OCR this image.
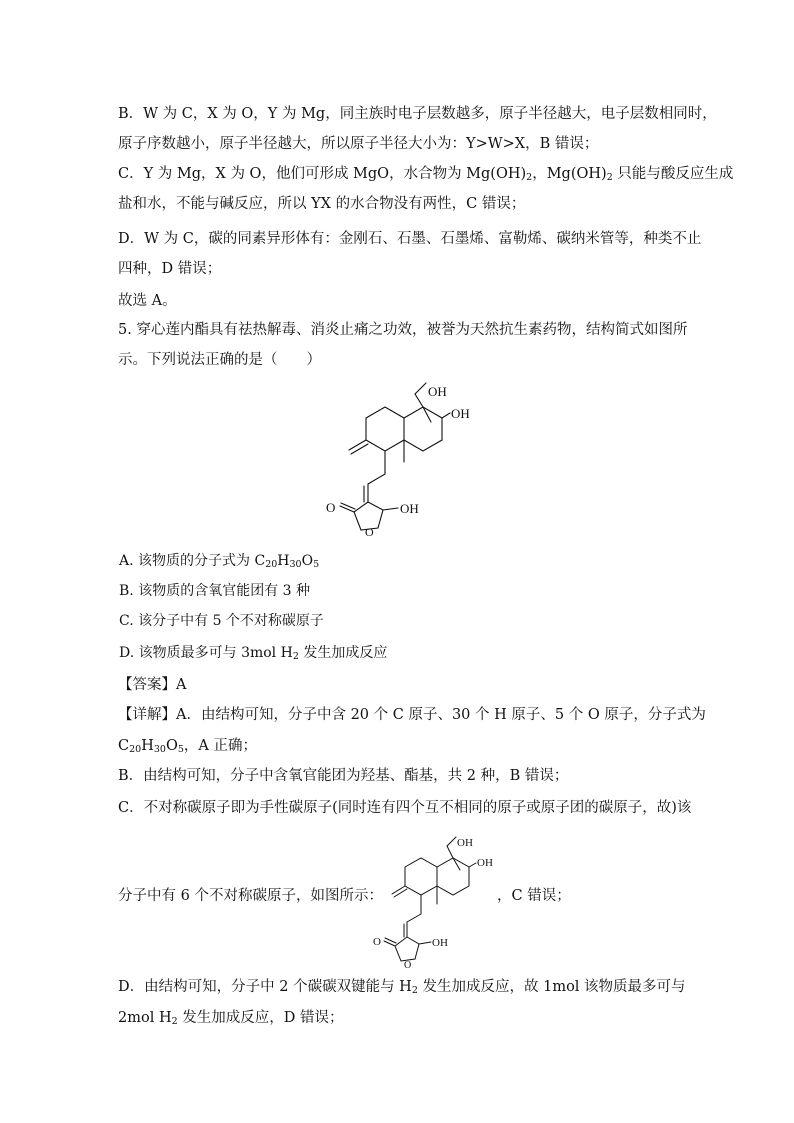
B．W 为 C，X 为 O，Y 为 Mg，同主族时电子层数越多，原子半径越大，电子层数相同时，
原子序数越小，原子半径越大，所以原子半径大小为：Y>W>X，B 错误；
C．Y 为 Mg，X 为 O，他们可形成 MgO，水合物为 $Mg(OH)_2$，$Mg(OH)_2$ 只能与酸反应生成
盐和水，不能与碱反应，所以 YX 的水合物没有两性，C 错误；
D．W 为 C，碳的同素异形体有：金刚石、石墨、石墨烯、富勒烯、碳纳米管等，种类不止
四种，D 错误；
故选 A。
5. 穿心莲内酯具有祛热解毒、消炎止痛之功效，被誉为天然抗生素药物，结构简式如图所
示。下列说法正确的是（　　）
OH
OH
OH
O
O
A. 该物质的分子式为 $C_{20}H_{30}O_5$
B. 该物质的含氧官能团有 3 种
C. 该分子中有 5 个不对称碳原子
D. 该物质最多可与 3mol $H_2$ 发生加成反应
【答案】A
【详解】A．由结构可知，分子中含 20 个 C 原子、30 个 H 原子、5 个 O 原子，分子式为
$C_{20}H_{30}O_5$，A 正确；
B．由结构可知，分子中含氧官能团为羟基、酯基，共 2 种，B 错误；
C．不对称碳原子即为手性碳原子(同时连有四个互不相同的原子或原子团的碳原子，故)该
分子中有 6 个不对称碳原子，如图所示：	，C 错误；
OH
OH
OH
O
O
D．由结构可知，分子中 2 个碳碳双键能与 $H_2$ 发生加成反应，故 1mol 该物质最多可与
2mol $H_2$ 发生加成反应，D 错误；
